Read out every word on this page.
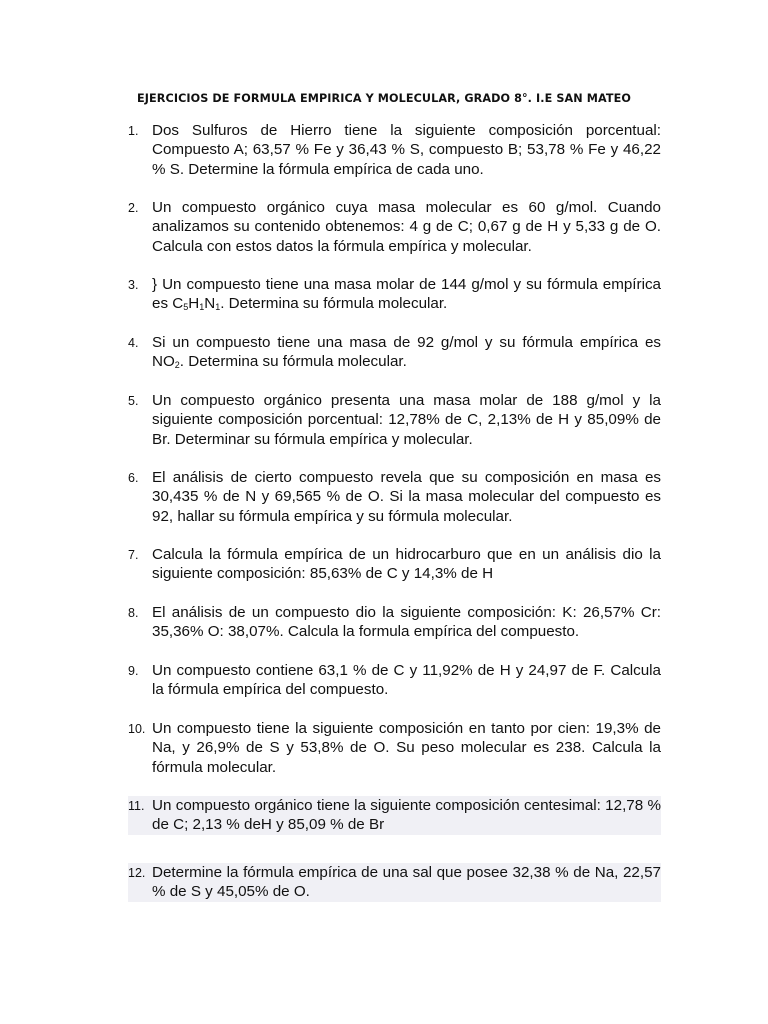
EJERCICIOS DE FORMULA EMPIRICA Y MOLECULAR, GRADO 8°. I.E SAN MATEO
1. Dos Sulfuros de Hierro tiene la siguiente composición porcentual: Compuesto A; 63,57 % Fe y 36,43 % S, compuesto B; 53,78 % Fe y 46,22 % S. Determine la fórmula empírica de cada uno.
2. Un compuesto orgánico cuya masa molecular es 60 g/mol. Cuando analizamos su contenido obtenemos: 4 g de C; 0,67 g de H y 5,33 g de O. Calcula con estos datos la fórmula empírica y molecular.
3. } Un compuesto tiene una masa molar de 144 g/mol y su fórmula empírica es $C_5H_1N_1$. Determina su fórmula molecular.
4. Si un compuesto tiene una masa de 92 g/mol y su fórmula empírica es $NO_2$. Determina su fórmula molecular.
5. Un compuesto orgánico presenta una masa molar de 188 g/mol y la siguiente composición porcentual: 12,78% de C, 2,13% de H y 85,09% de Br. Determinar su fórmula empírica y molecular.
6. El análisis de cierto compuesto revela que su composición en masa es 30,435 % de N y 69,565 % de O. Si la masa molecular del compuesto es 92, hallar su fórmula empírica y su fórmula molecular.
7. Calcula la fórmula empírica de un hidrocarburo que en un análisis dio la siguiente composición: 85,63% de C y 14,3% de H
8. El análisis de un compuesto dio la siguiente composición: K: 26,57% Cr: 35,36% O: 38,07%. Calcula la formula empírica del compuesto.
9. Un compuesto contiene 63,1 % de C y 11,92% de H y 24,97 de F. Calcula la fórmula empírica del compuesto.
10. Un compuesto tiene la siguiente composición en tanto por cien: 19,3% de Na, y 26,9% de S y 53,8% de O. Su peso molecular es 238. Calcula la fórmula molecular.
11. Un compuesto orgánico tiene la siguiente composición centesimal: 12,78 % de C; 2,13 % deH y 85,09 % de Br
12. Determine la fórmula empírica de una sal que posee 32,38 % de Na, 22,57 % de S y 45,05% de O.
